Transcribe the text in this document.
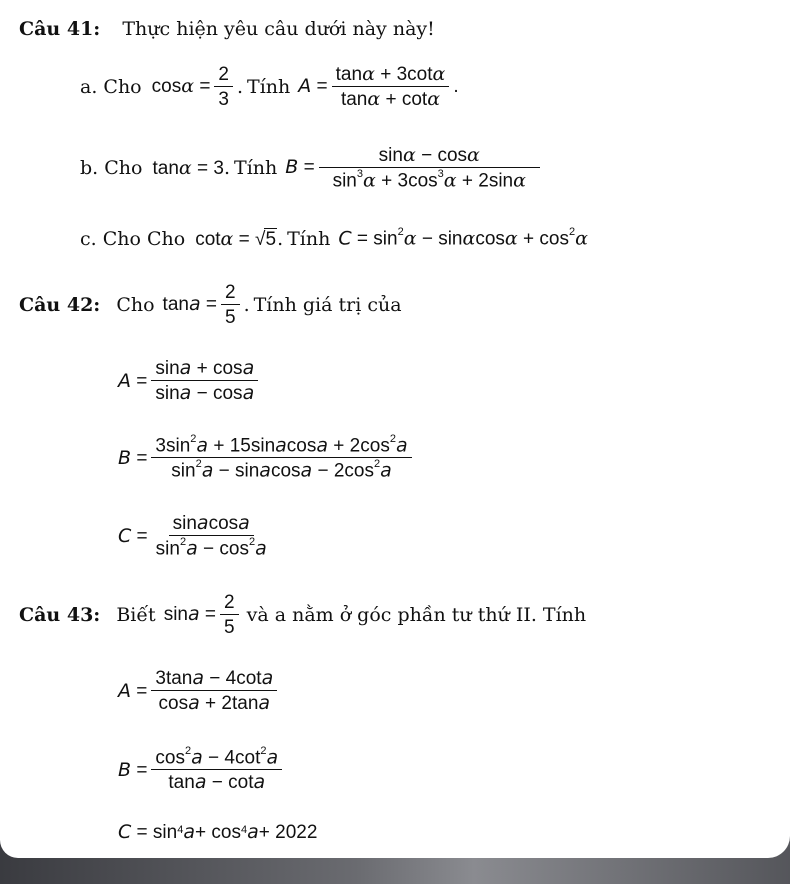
Câu 41: Thực hiện yêu câu dưới này này!
a. Cho $\cos\alpha = \frac{2}{3}$ . Tính $A = \frac{\tan\alpha + 3\cot\alpha}{\tan\alpha + \cot\alpha}$ .
b. Cho tanα = 3 . Tính $B = \frac{\sin\alpha - \cos\alpha}{\sin^3\alpha + 3\cos^3\alpha + 2\sin\alpha}$
c. Cho Cho cotα = √5 . Tính $C = \sin^2\alpha - \sin\alpha\cos\alpha + \cos^2\alpha$
Câu 42: Cho $\tan a = \frac{2}{5}$ . Tính giá trị của
$A = \frac{\sin a + \cos a}{\sin a - \cos a}$
$B = \frac{3\sin^2a + 15sinacosa + 2\cos^2a}{\sin^2a - sinacosa - 2\cos^2a}$
$C = \frac{\text{sinacosa}}{\sin^2a - \cos^2a}$
Câu 43: Biết $\sin a = \frac{2}{5}$ và a nằm ở góc phần tư thứ II. Tính
$A = \frac{3\tan a - 4\cot a}{\cos a + 2\tan a}$
$B = \frac{\cos^2a - 4\cot^2a}{\tan a - \cot a}$
$C = \sin^4 a + \cos^4 a + 2022$
